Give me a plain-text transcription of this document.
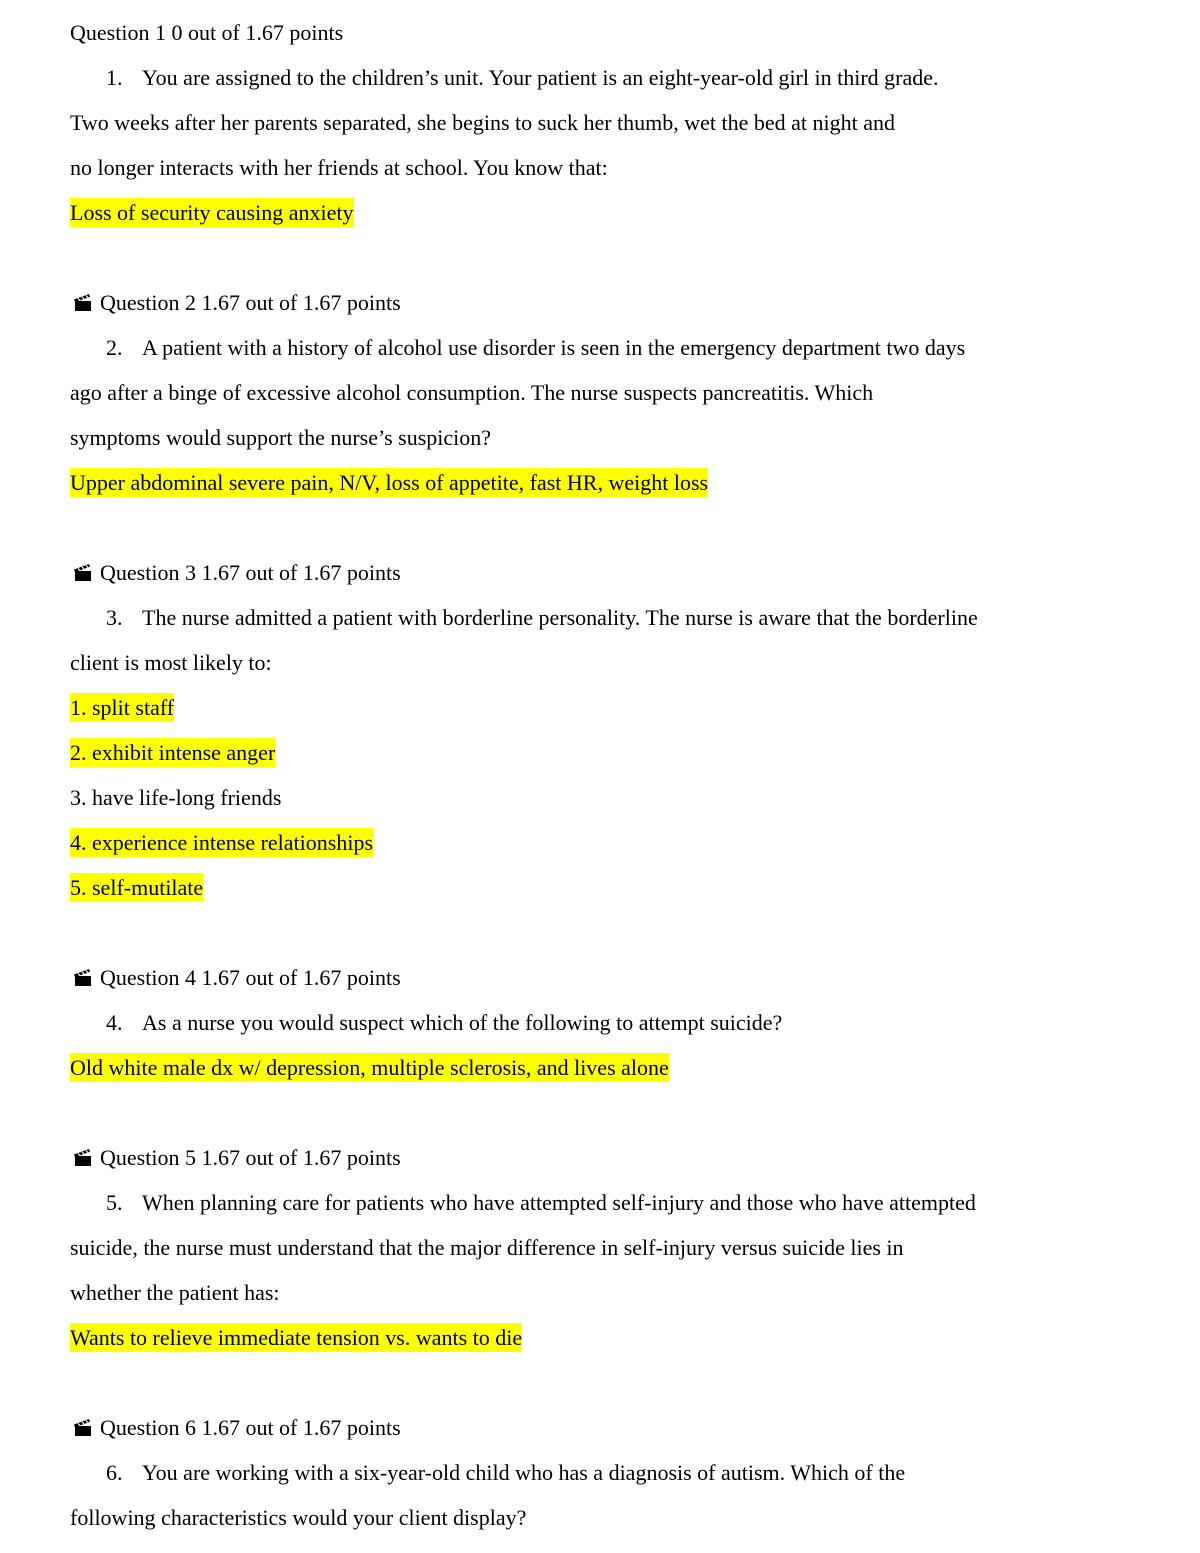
Question 1 0 out of 1.67 points
1. You are assigned to the children’s unit. Your patient is an eight-year-old girl in third grade.
Two weeks after her parents separated, she begins to suck her thumb, wet the bed at night and
no longer interacts with her friends at school. You know that:
Loss of security causing anxiety
Question 2 1.67 out of 1.67 points
2. A patient with a history of alcohol use disorder is seen in the emergency department two days
ago after a binge of excessive alcohol consumption. The nurse suspects pancreatitis. Which
symptoms would support the nurse’s suspicion?
Upper abdominal severe pain, N/V, loss of appetite, fast HR, weight loss
Question 3 1.67 out of 1.67 points
3. The nurse admitted a patient with borderline personality. The nurse is aware that the borderline
client is most likely to:
1. split staff
2. exhibit intense anger
3. have life-long friends
4. experience intense relationships
5. self-mutilate
Question 4 1.67 out of 1.67 points
4. As a nurse you would suspect which of the following to attempt suicide?
Old white male dx w/ depression, multiple sclerosis, and lives alone
Question 5 1.67 out of 1.67 points
5. When planning care for patients who have attempted self-injury and those who have attempted
suicide, the nurse must understand that the major difference in self-injury versus suicide lies in
whether the patient has:
Wants to relieve immediate tension vs. wants to die
Question 6 1.67 out of 1.67 points
6. You are working with a six-year-old child who has a diagnosis of autism. Which of the
following characteristics would your client display?
